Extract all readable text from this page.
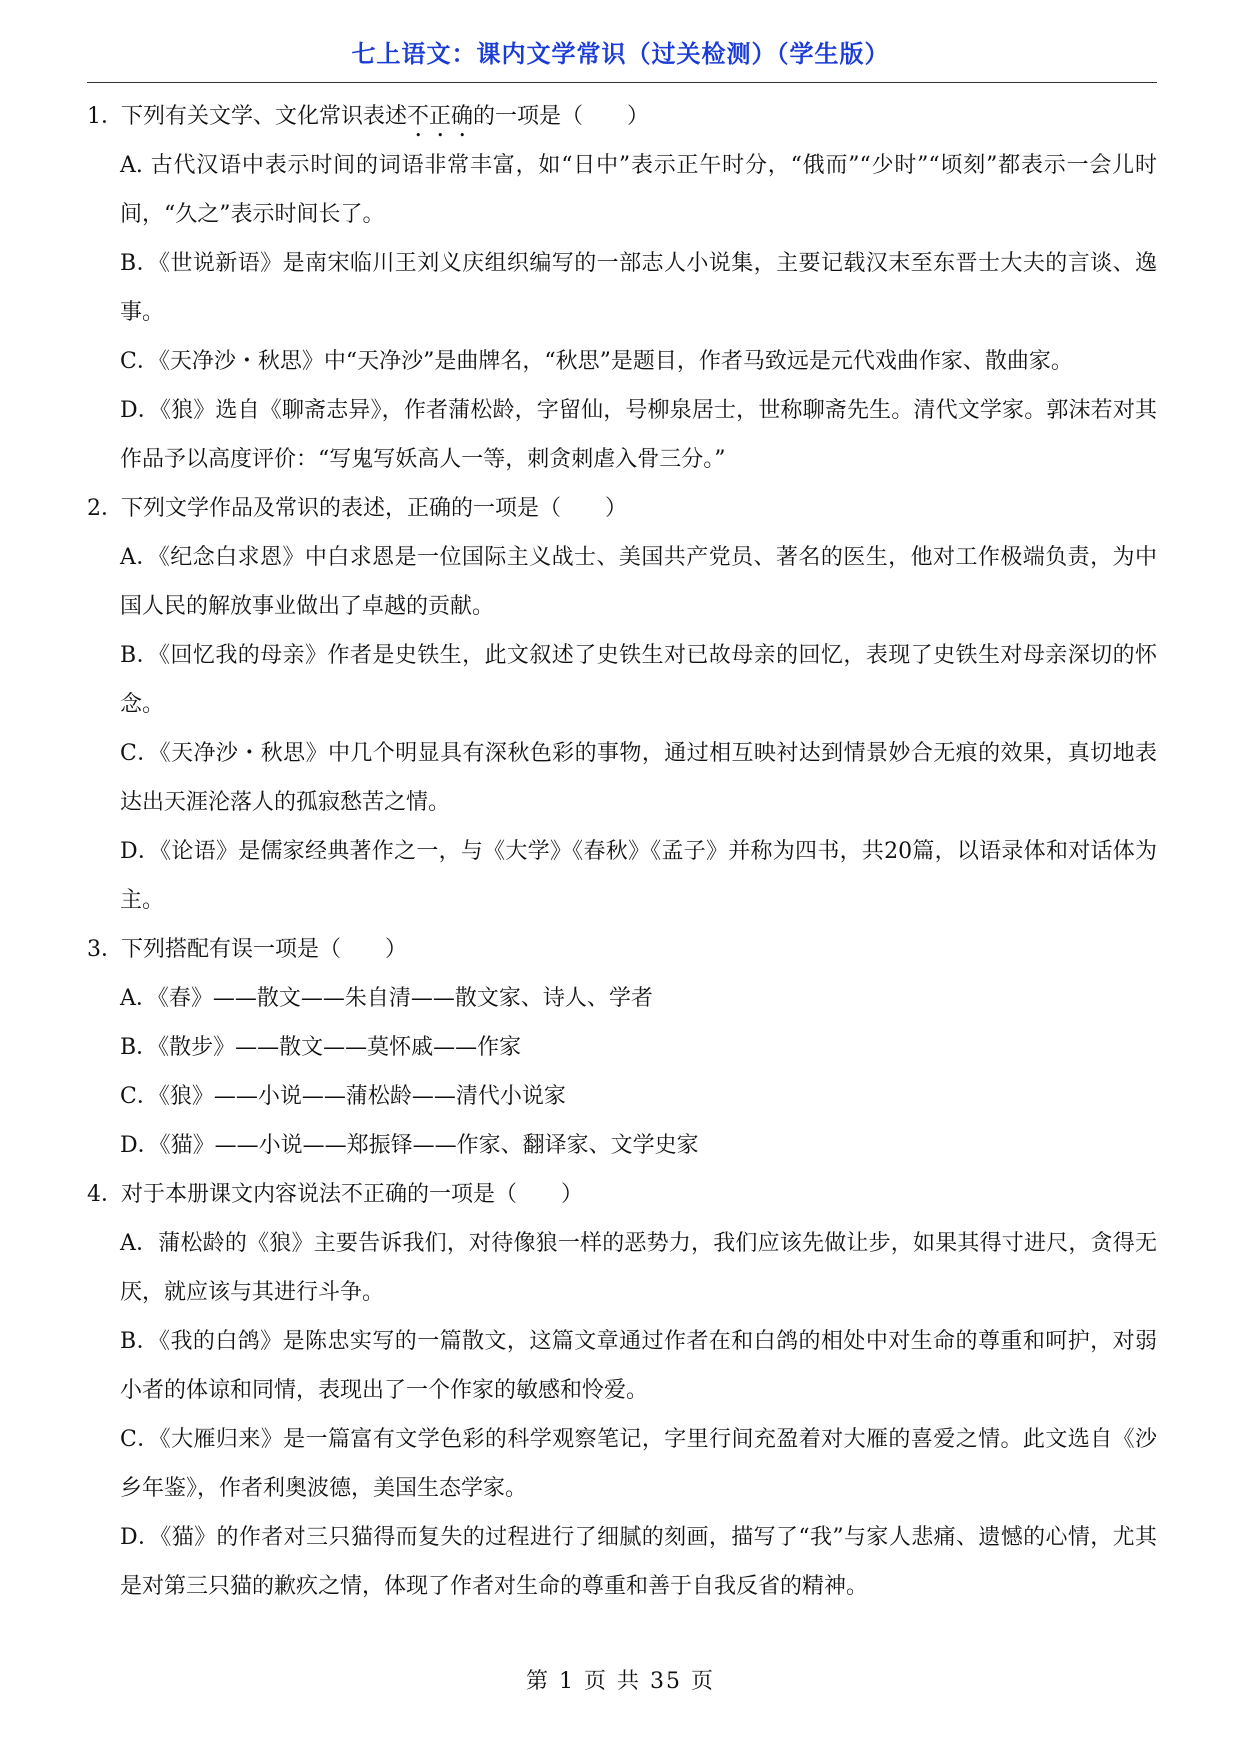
七上语文：课内文学常识（过关检测）（学生版）
1．下列有关文学、文化常识表述不正确的一项是（　　）
A. 古代汉语中表示时间的词语非常丰富，如“日中”表示正午时分，“俄而”“少时”“顷刻”都表示一会儿时间，“久之”表示时间长了。
B．《世说新语》是南宋临川王刘义庆组织编写的一部志人小说集，主要记载汉末至东晋士大夫的言谈、逸事。
C．《天净沙・秋思》中“天净沙”是曲牌名，“秋思”是题目，作者马致远是元代戏曲作家、散曲家。
D．《狼》选自《聊斋志异》，作者蒲松龄，字留仙，号柳泉居士，世称聊斋先生。清代文学家。郭沫若对其作品予以高度评价：“写鬼写妖高人一等，刺贪刺虐入骨三分。”
2．下列文学作品及常识的表述，正确的一项是（　　）
A．《纪念白求恩》中白求恩是一位国际主义战士、美国共产党员、著名的医生，他对工作极端负责，为中国人民的解放事业做出了卓越的贡献。
B．《回忆我的母亲》作者是史铁生，此文叙述了史铁生对已故母亲的回忆，表现了史铁生对母亲深切的怀念。
C．《天净沙・秋思》中几个明显具有深秋色彩的事物，通过相互映衬达到情景妙合无痕的效果，真切地表达出天涯沦落人的孤寂愁苦之情。
D．《论语》是儒家经典著作之一，与《大学》《春秋》《孟子》并称为四书，共20篇，以语录体和对话体为主。
3．下列搭配有误一项是（　　）
A．《春》——散文——朱自清——散文家、诗人、学者
B．《散步》——散文——莫怀戚——作家
C．《狼》——小说——蒲松龄——清代小说家
D．《猫》——小说——郑振铎——作家、翻译家、文学史家
4．对于本册课文内容说法不正确的一项是（　　）
A．蒲松龄的《狼》主要告诉我们，对待像狼一样的恶势力，我们应该先做让步，如果其得寸进尺，贪得无厌，就应该与其进行斗争。
B．《我的白鸽》是陈忠实写的一篇散文，这篇文章通过作者在和白鸽的相处中对生命的尊重和呵护，对弱小者的体谅和同情，表现出了一个作家的敏感和怜爱。
C．《大雁归来》是一篇富有文学色彩的科学观察笔记，字里行间充盈着对大雁的喜爱之情。此文选自《沙乡年鉴》，作者利奥波德，美国生态学家。
D．《猫》的作者对三只猫得而复失的过程进行了细腻的刻画，描写了“我”与家人悲痛、遗憾的心情，尤其是对第三只猫的歉疚之情，体现了作者对生命的尊重和善于自我反省的精神。
第 1 页 共 35 页
